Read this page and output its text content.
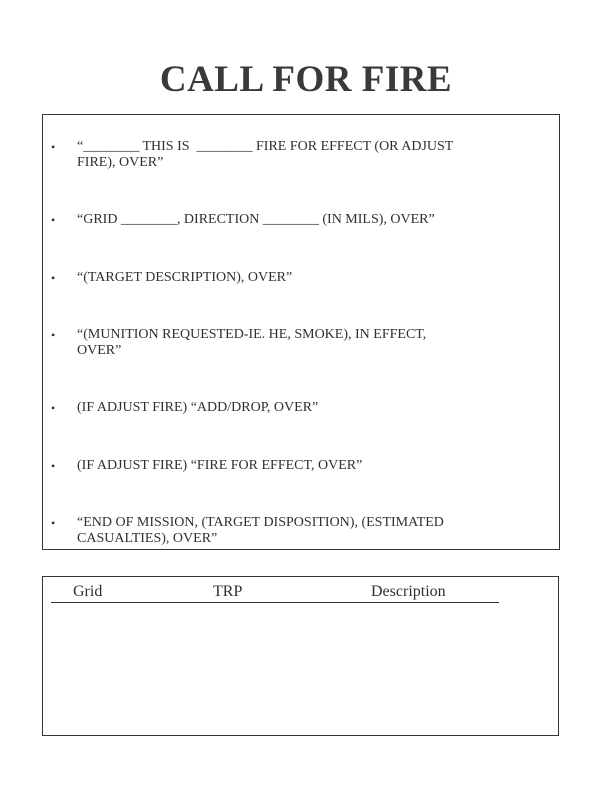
CALL FOR FIRE
• “________ THIS IS  ________ FIRE FOR EFFECT (OR ADJUST
FIRE), OVER”
• “GRID ________, DIRECTION ________ (IN MILS), OVER”
• “(TARGET DESCRIPTION), OVER”
• “(MUNITION REQUESTED-IE. HE, SMOKE), IN EFFECT,
OVER”
• (IF ADJUST FIRE) “ADD/DROP, OVER”
• (IF ADJUST FIRE) “FIRE FOR EFFECT, OVER”
• “END OF MISSION, (TARGET DISPOSITION), (ESTIMATED
CASUALTIES), OVER”
Grid	TRP	Description
